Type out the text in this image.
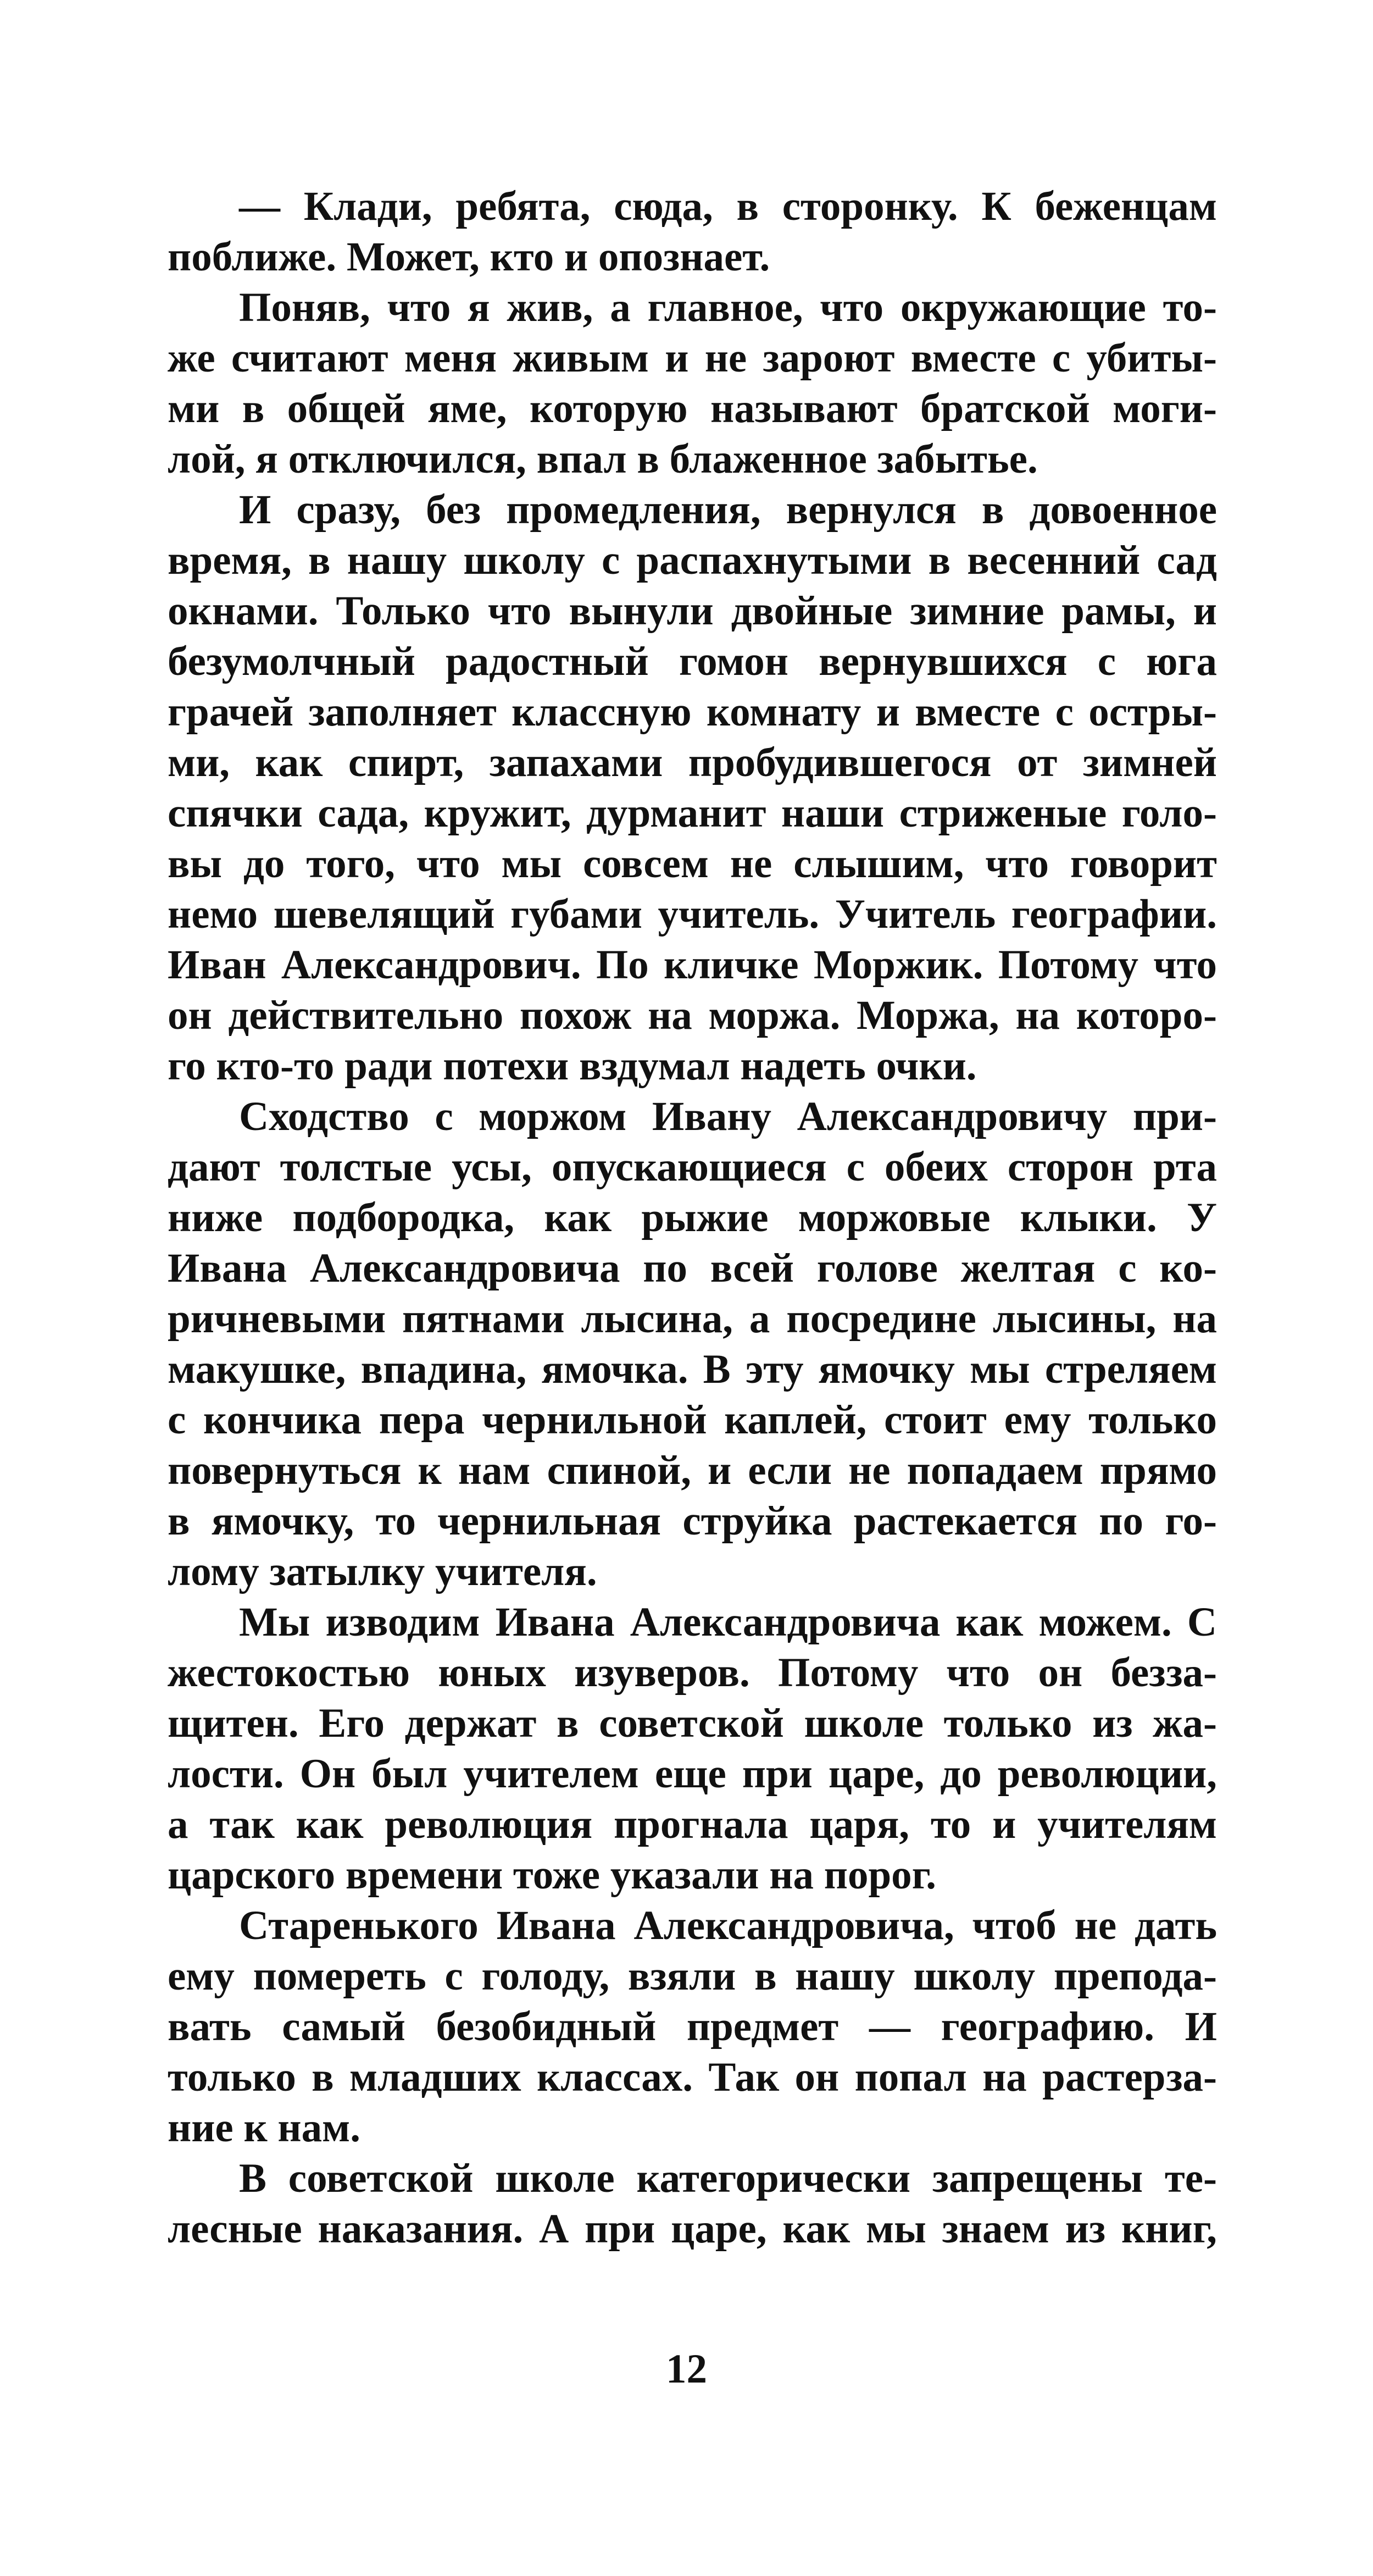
— Клади, ребята, сюда, в сторонку. К беженцам
поближе. Может, кто и опознает.
Поняв, что я жив, а главное, что окружающие то-
же считают меня живым и не зароют вместе с убиты-
ми в общей яме, которую называют братской моги-
лой, я отключился, впал в блаженное забытье.
И сразу, без промедления, вернулся в довоенное
время, в нашу школу с распахнутыми в весенний сад
окнами. Только что вынули двойные зимние рамы, и
безумолчный радостный гомон вернувшихся с юга
грачей заполняет классную комнату и вместе с остры-
ми, как спирт, запахами пробудившегося от зимней
спячки сада, кружит, дурманит наши стриженые голо-
вы до того, что мы совсем не слышим, что говорит
немо шевелящий губами учитель. Учитель географии.
Иван Александрович. По кличке Моржик. Потому что
он действительно похож на моржа. Моржа, на которо-
го кто-то ради потехи вздумал надеть очки.
Сходство с моржом Ивану Александровичу при-
дают толстые усы, опускающиеся с обеих сторон рта
ниже подбородка, как рыжие моржовые клыки. У
Ивана Александровича по всей голове желтая с ко-
ричневыми пятнами лысина, а посредине лысины, на
макушке, впадина, ямочка. В эту ямочку мы стреляем
с кончика пера чернильной каплей, стоит ему только
повернуться к нам спиной, и если не попадаем прямо
в ямочку, то чернильная струйка растекается по го-
лому затылку учителя.
Мы изводим Ивана Александровича как можем. С
жестокостью юных изуверов. Потому что он безза-
щитен. Его держат в советской школе только из жа-
лости. Он был учителем еще при царе, до революции,
а так как революция прогнала царя, то и учителям
царского времени тоже указали на порог.
Старенького Ивана Александровича, чтоб не дать
ему помереть с голоду, взяли в нашу школу препода-
вать самый безобидный предмет — географию. И
только в младших классах. Так он попал на растерза-
ние к нам.
В советской школе категорически запрещены те-
лесные наказания. А при царе, как мы знаем из книг,
12
